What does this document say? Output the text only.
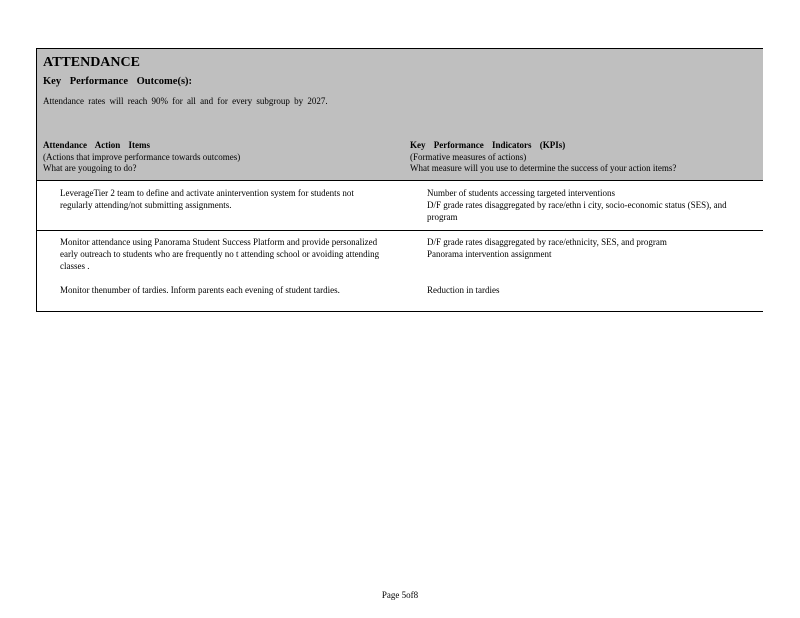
ATTENDANCE
Key Performance Outcome(s):
Attendance rates will reach 90% for all and for every subgroup by 2027.
Attendance Action Items
(Actions that improve performance towards outcomes)
What are yougoing to do?
Key Performance Indicators (KPIs)
(Formative measures of actions)
What measure will you use to determine the success of your action items?
LeverageTier 2 team to define and activate anintervention system for students not regularly attending/not submitting assignments.
Number of students accessing targeted interventions
D/F grade rates disaggregated by race/ethn i city, socio-economic status (SES), and program
Monitor attendance using Panorama Student Success Platform and provide personalized early outreach to students who are frequently no t attending school or avoiding attending classes .
Monitor thenumber of tardies. Inform parents each evening of student tardies.
D/F grade rates disaggregated by race/ethnicity, SES, and program
Panorama intervention assignment
Reduction in tardies
Page 5of8
